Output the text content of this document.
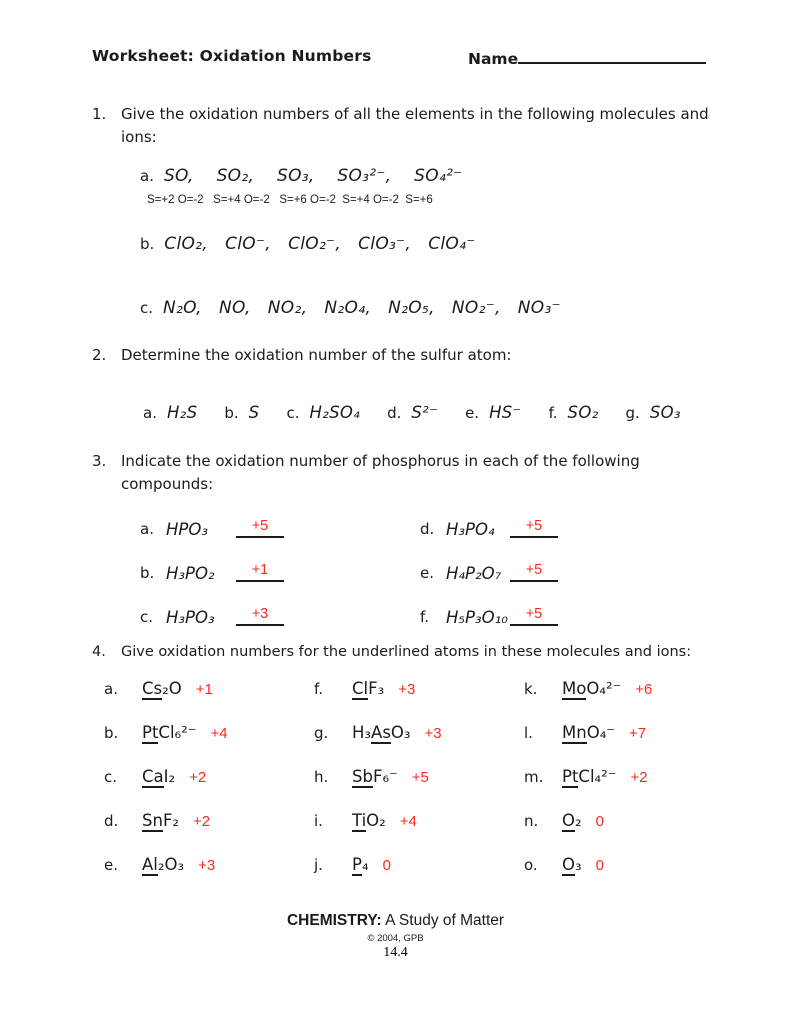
Worksheet: Oxidation Numbers	Name
1. Give the oxidation numbers of all the elements in the following molecules and
ions:
a. SO,    SO₂,    SO₃,    SO₃²⁻,    SO₄²⁻
S=+2 O=-2   S=+4 O=-2   S=+6 O=-2  S=+4 O=-2  S=+6
b. ClO₂,   ClO⁻,   ClO₂⁻,   ClO₃⁻,   ClO₄⁻
c. N₂O,   NO,   NO₂,   N₂O₄,   N₂O₅,   NO₂⁻,   NO₃⁻
2. Determine the oxidation number of the sulfur atom:
a. H₂S b. S c. H₂SO₄ d. S²⁻ e. HS⁻ f. SO₂ g. SO₃
3. Indicate the oxidation number of phosphorus in each of the following
compounds:
a. HPO₃	+5
b. H₃PO₂	+1
c. H₃PO₃	+3
d. H₃PO₄	+5
e. H₄P₂O₇	+5
f.	H₅P₃O₁₀ +5
4.	Give oxidation numbers for the underlined atoms in these molecules and ions:
a.	Cs₂O +1
b.	PtCl₆²⁻ +4
c.	CaI₂ +2
d.	SnF₂ +2
e.	Al₂O₃ +3
f.	ClF₃ +3
g.	H₃AsO₃ +3
h.	SbF₆⁻ +5
i.	TiO₂ +4
j.	P₄ 0
k.	MoO₄²⁻ +6
l.	MnO₄⁻ +7
m.	PtCl₄²⁻ +2
n.	O₂ 0
o.	O₃ 0
CHEMISTRY: A Study of Matter
© 2004, GPB
14.4
